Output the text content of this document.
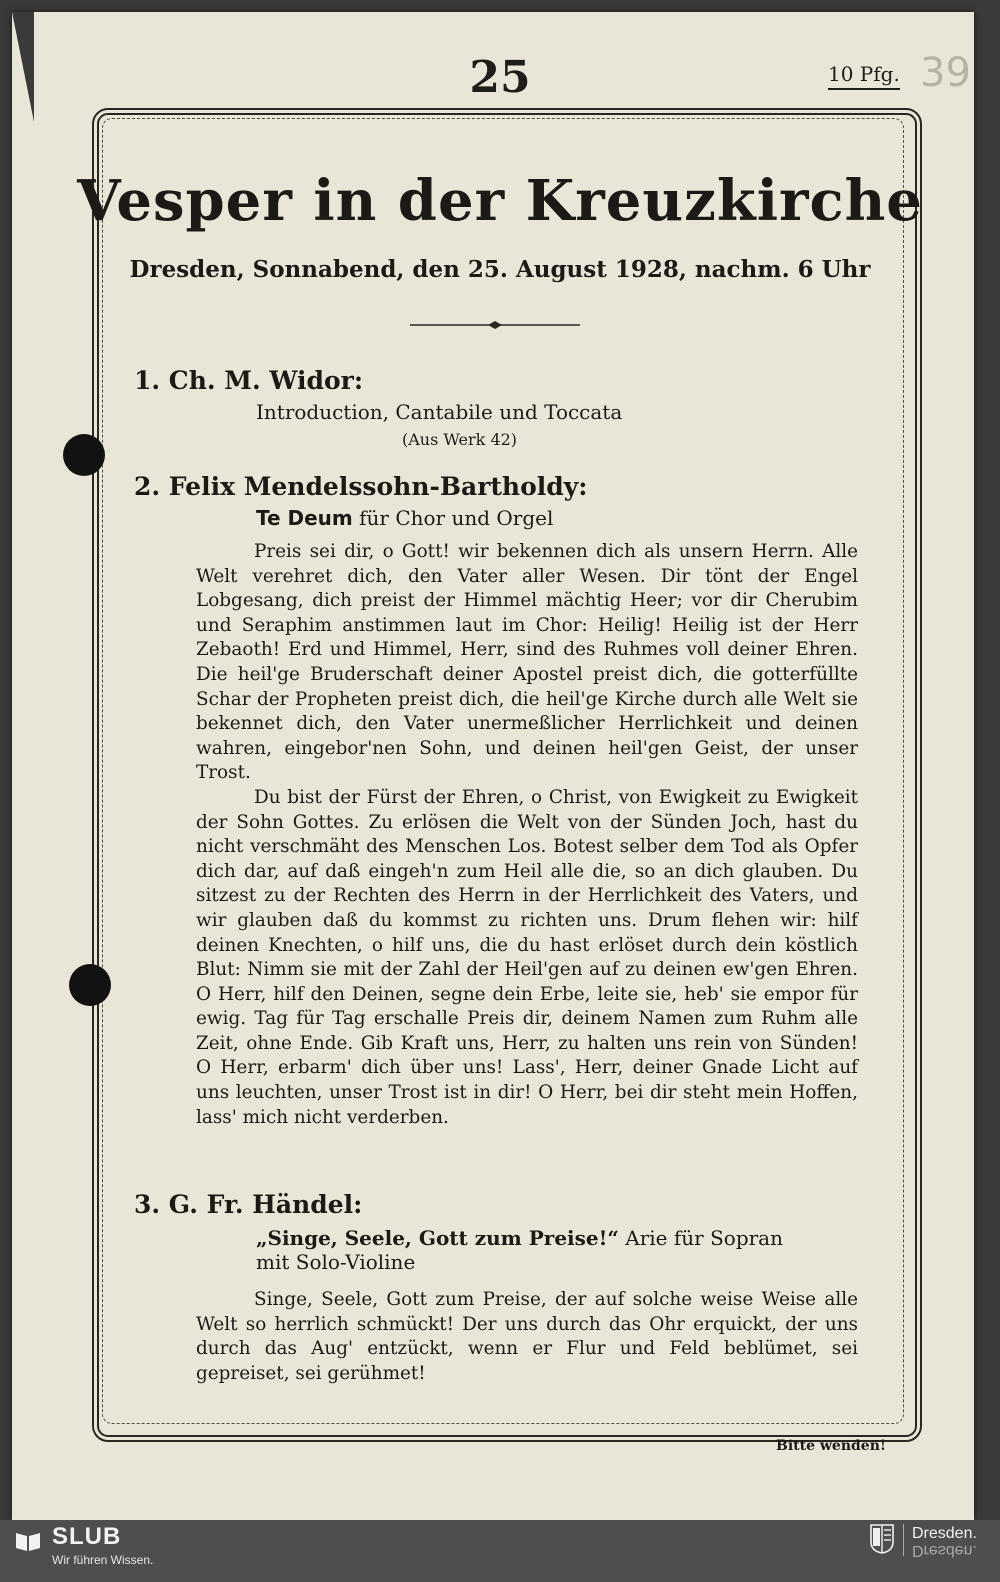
25	10 Pfg. 39
Vesper in der Kreuzkirche
Dresden, Sonnabend, den 25. August 1928, nachm. 6 Uhr
1. Ch. M. Widor:
Introduction, Cantabile und Toccata
(Aus Werk 42)
2. Felix Mendelssohn-Bartholdy:
Te Deum für Chor und Orgel

Preis sei dir, o Gott! wir bekennen dich als unsern Herrn. Alle Welt verehret dich, den Vater aller Wesen. Dir tönt der Engel Lobgesang, dich preist der Himmel mächtig Heer; vor dir Cherubim und Seraphim anstimmen laut im Chor: Heilig! Heilig ist der Herr Zebaoth! Erd und Himmel, Herr, sind des Ruhmes voll deiner Ehren. Die heil'ge Bruderschaft deiner Apostel preist dich, die gotterfüllte Schar der Propheten preist dich, die heil'ge Kirche durch alle Welt sie bekennet dich, den Vater unermeßlicher Herrlichkeit und deinen wahren, eingebor'nen Sohn, und deinen heil'gen Geist, der unser Trost.

Du bist der Fürst der Ehren, o Christ, von Ewigkeit zu Ewigkeit der Sohn Gottes. Zu erlösen die Welt von der Sünden Joch, hast du nicht verschmäht des Menschen Los. Botest selber dem Tod als Opfer dich dar, auf daß eingeh'n zum Heil alle die, so an dich glauben. Du sitzest zu der Rechten des Herrn in der Herrlichkeit des Vaters, und wir glauben daß du kommst zu richten uns. Drum flehen wir: hilf deinen Knechten, o hilf uns, die du hast erlöset durch dein köstlich Blut: Nimm sie mit der Zahl der Heil'gen auf zu deinen ew'gen Ehren. O Herr, hilf den Deinen, segne dein Erbe, leite sie, heb' sie empor für ewig. Tag für Tag erschalle Preis dir, deinem Namen zum Ruhm alle Zeit, ohne Ende. Gib Kraft uns, Herr, zu halten uns rein von Sünden! O Herr, erbarm' dich über uns! Lass', Herr, deiner Gnade Licht auf uns leuchten, unser Trost ist in dir! O Herr, bei dir steht mein Hoffen, lass' mich nicht verderben.

3. G. Fr. Händel:
„Singe, Seele, Gott zum Preise!“ Arie für Sopran
mit Solo-Violine

Singe, Seele, Gott zum Preise, der auf solche weise Weise alle Welt so herrlich schmückt! Der uns durch das Ohr erquickt, der uns durch das Aug' entzückt, wenn er Flur und Feld beblümet, sei gepreiset, sei gerühmet!

Bitte wenden!
SLUB
Wir führen Wissen.
Dresden.
Dresden.
